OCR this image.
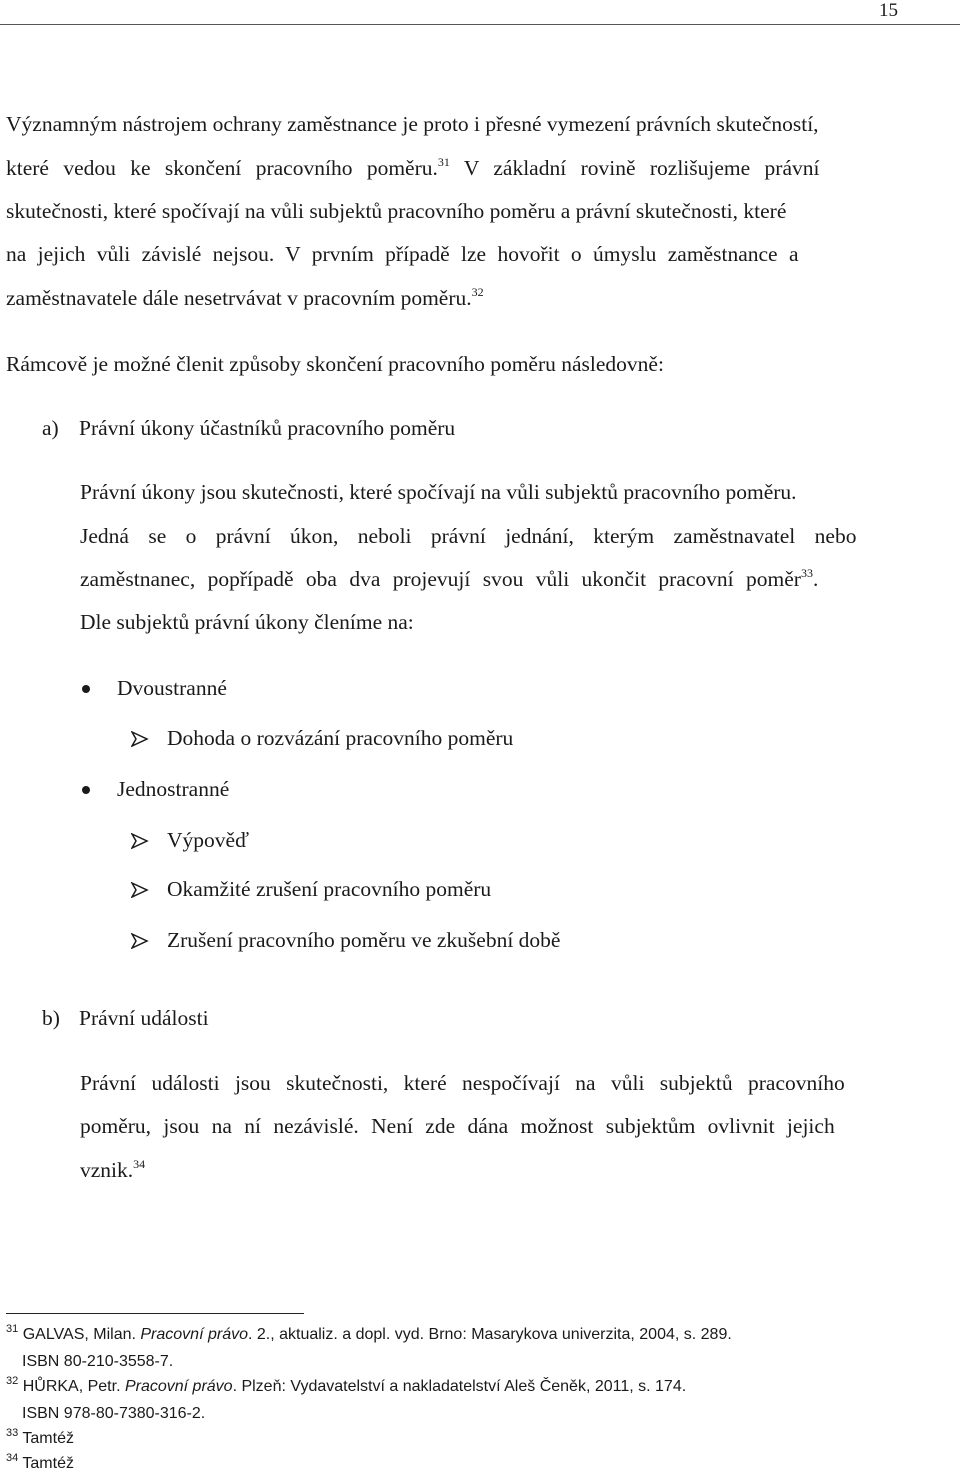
15
Významným nástrojem ochrany zaměstnance je proto i přesné vymezení právních skutečností,
které vedou ke skončení pracovního poměru.$^{31}$ V základní rovině rozlišujeme právní
skutečnosti, které spočívají na vůli subjektů pracovního poměru a právní skutečnosti, které
na jejich vůli závislé nejsou. V prvním případě lze hovořit o úmyslu zaměstnance a
zaměstnavatele dále nesetrvávat v pracovním poměru.$^{32}$
Rámcově je možné členit způsoby skončení pracovního poměru následovně:
a) Právní úkony účastníků pracovního poměru
Právní úkony jsou skutečnosti, které spočívají na vůli subjektů pracovního poměru.
Jedná se o právní úkon, neboli právní jednání, kterým zaměstnavatel nebo
zaměstnanec, popřípadě oba dva projevují svou vůli ukončit pracovní poměr$^{33}$.
Dle subjektů právní úkony členíme na:
Dvoustranné
Dohoda o rozvázání pracovního poměru
Jednostranné
Výpověď
Okamžité zrušení pracovního poměru
Zrušení pracovního poměru ve zkušební době
b) Právní události
Právní události jsou skutečnosti, které nespočívají na vůli subjektů pracovního
poměru, jsou na ní nezávislé. Není zde dána možnost subjektům ovlivnit jejich
vznik.$^{34}$
$^{31}$ GALVAS, Milan. Pracovní právo. 2., aktualiz. a dopl. vyd. Brno: Masarykova univerzita, 2004, s. 289.
ISBN 80-210-3558-7.
$^{32}$ HŮRKA, Petr. Pracovní právo. Plzeň: Vydavatelství a nakladatelství Aleš Čeněk, 2011, s. 174.
ISBN 978-80-7380-316-2.
$^{33}$ Tamtéž
$^{34}$ Tamtéž
